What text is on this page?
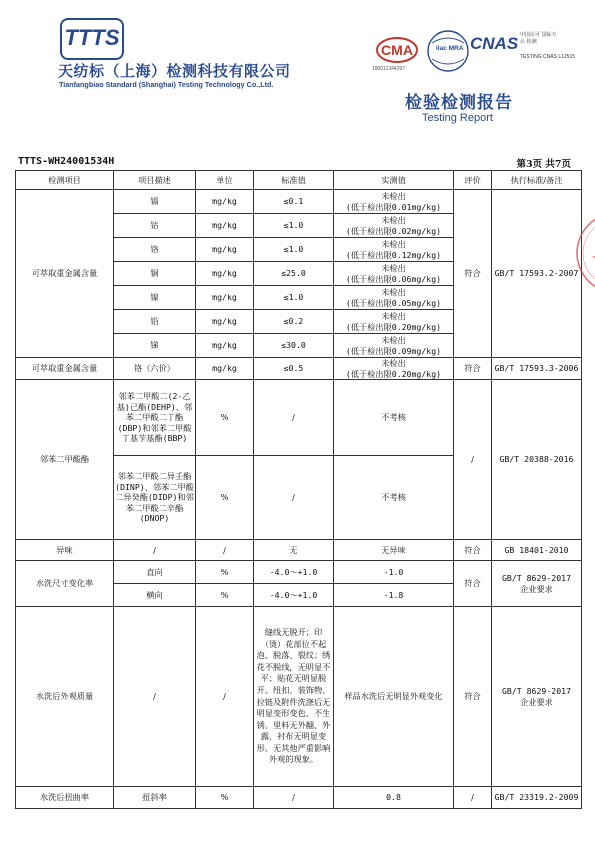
TTTS
天纺标（上海）检测科技有限公司
Tianfangbiao Standard (Shanghai) Testing Technology Co.,Ltd.
CMA
190011344297
ilac MRA CNAS 中国认可 国际互认 检测
TESTING CNAS L12515
检验检测报告
Testing Report
TTTS-WH24001534H	第3页 共7页
检测项目	项目描述	单位	标准值	实测值	评价	执行标准/备注
可萃取重金属含量	镉	mg/kg	≤0.1	未检出
(低于检出限0.01mg/kg)	符合	GB/T 17593.2-2007
	钴	mg/kg	≤1.0	未检出
(低于检出限0.02mg/kg)		
	铬	mg/kg	≤1.0	未检出
(低于检出限0.12mg/kg)		
	铜	mg/kg	≤25.0	未检出
(低于检出限0.06mg/kg)		
	镍	mg/kg	≤1.0	未检出
(低于检出限0.05mg/kg)		
	铅	mg/kg	≤0.2	未检出
(低于检出限0.20mg/kg)		
	锑	mg/kg	≤30.0	未检出
(低于检出限0.09mg/kg)		
可萃取重金属含量	铬（六价）	mg/kg	≤0.5	未检出
(低于检出限0.20mg/kg)	符合	GB/T 17593.3-2006
邻苯二甲酸酯	邻苯二甲酸二(2-乙基)己酯(DEHP)、邻苯二甲酸二丁酯(DBP)和邻苯二甲酸丁基苄基酯(BBP)	%	/	不考核	/	GB/T 20388-2016
	邻苯二甲酸二异壬酯(DINP)、邻苯二甲酸二异癸酯(DIDP)和邻苯二甲酸二辛酯(DNOP)	%	/	不考核		
异味	/	/	无	无异味	符合	GB 18401-2010
水洗尺寸变化率	直向	%	-4.0～+1.0	-1.0	符合	GB/T 8629-2017
企业要求
	横向	%	-4.0～+1.0	-1.8		
水洗后外观质量	/	/	缝线无脱开；印（烫）花部位不起泡、脱落、裂纹；绣花不脱线，无明显不平；贴花无明显脱开。纽扣、装饰物、拉链及附件洗涤后无明显变形变色、不生锈。里料无外翻、外露，衬布无明显变形。无其他严重影响外观的现象。	样品水洗后无明显外观变化	符合	GB/T 8629-2017
企业要求
水洗后扭曲率	扭斜率	%	/	0.8	/	GB/T 23319.2-2009
